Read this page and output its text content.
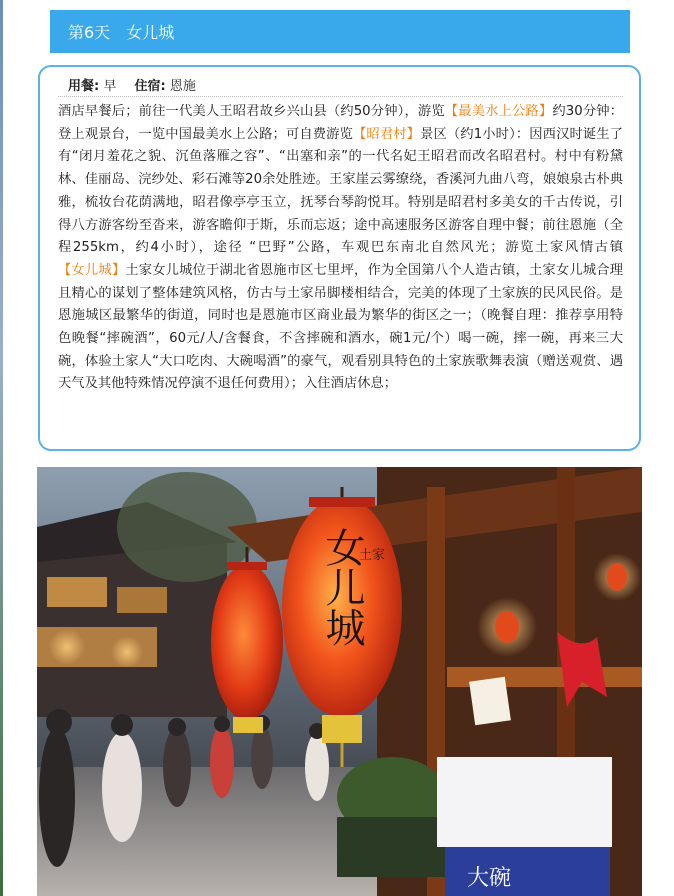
第6天 女儿城
用餐: 早 住宿: 恩施
酒店早餐后；前往一代美人王昭君故乡兴山县（约50分钟），游览【最美水上公路】约30分钟：登上观景台，一览中国最美水上公路；可自费游览【昭君村】景区（约1小时）：因西汉时诞生了有“闭月羞花之貌、沉鱼落雁之容”、“出塞和亲”的一代名妃王昭君而改名昭君村。村中有粉黛林、佳丽岛、浣纱处、彩石滩等20余处胜迹。王家崖云雾缭绕，香溪河九曲八弯，娘娘泉古朴典雅，梳妆台花荫满地，昭君像亭亭玉立，抚琴台琴韵悦耳。特别是昭君村多美女的千古传说，引得八方游客纷至沓来，游客瞻仰于斯，乐而忘返；途中高速服务区游客自理中餐；前往恩施（全程255km，约4小时），途径 “巴野”公路，车观巴东南北自然风光；游览土家风情古镇【女儿城】土家女儿城位于湖北省恩施市区七里坪，作为全国第八个人造古镇，土家女儿城合理且精心的谋划了整体建筑风格，仿古与土家吊脚楼相结合，完美的体现了土家族的民风民俗。是恩施城区最繁华的街道，同时也是恩施市区商业最为繁华的街区之一；（晚餐自理：推荐享用特色晚餐“摔碗酒”，60元/人/含餐食，不含摔碗和酒水，碗1元/个）喝一碗，摔一碗，再来三大碗，体验土家人“大口吃肉、大碗喝酒”的豪气，观看别具特色的土家族歌舞表演（赠送观赏、遇天气及其他特殊情况停演不退任何费用）；入住酒店休息；
大碗
土家
女儿城
